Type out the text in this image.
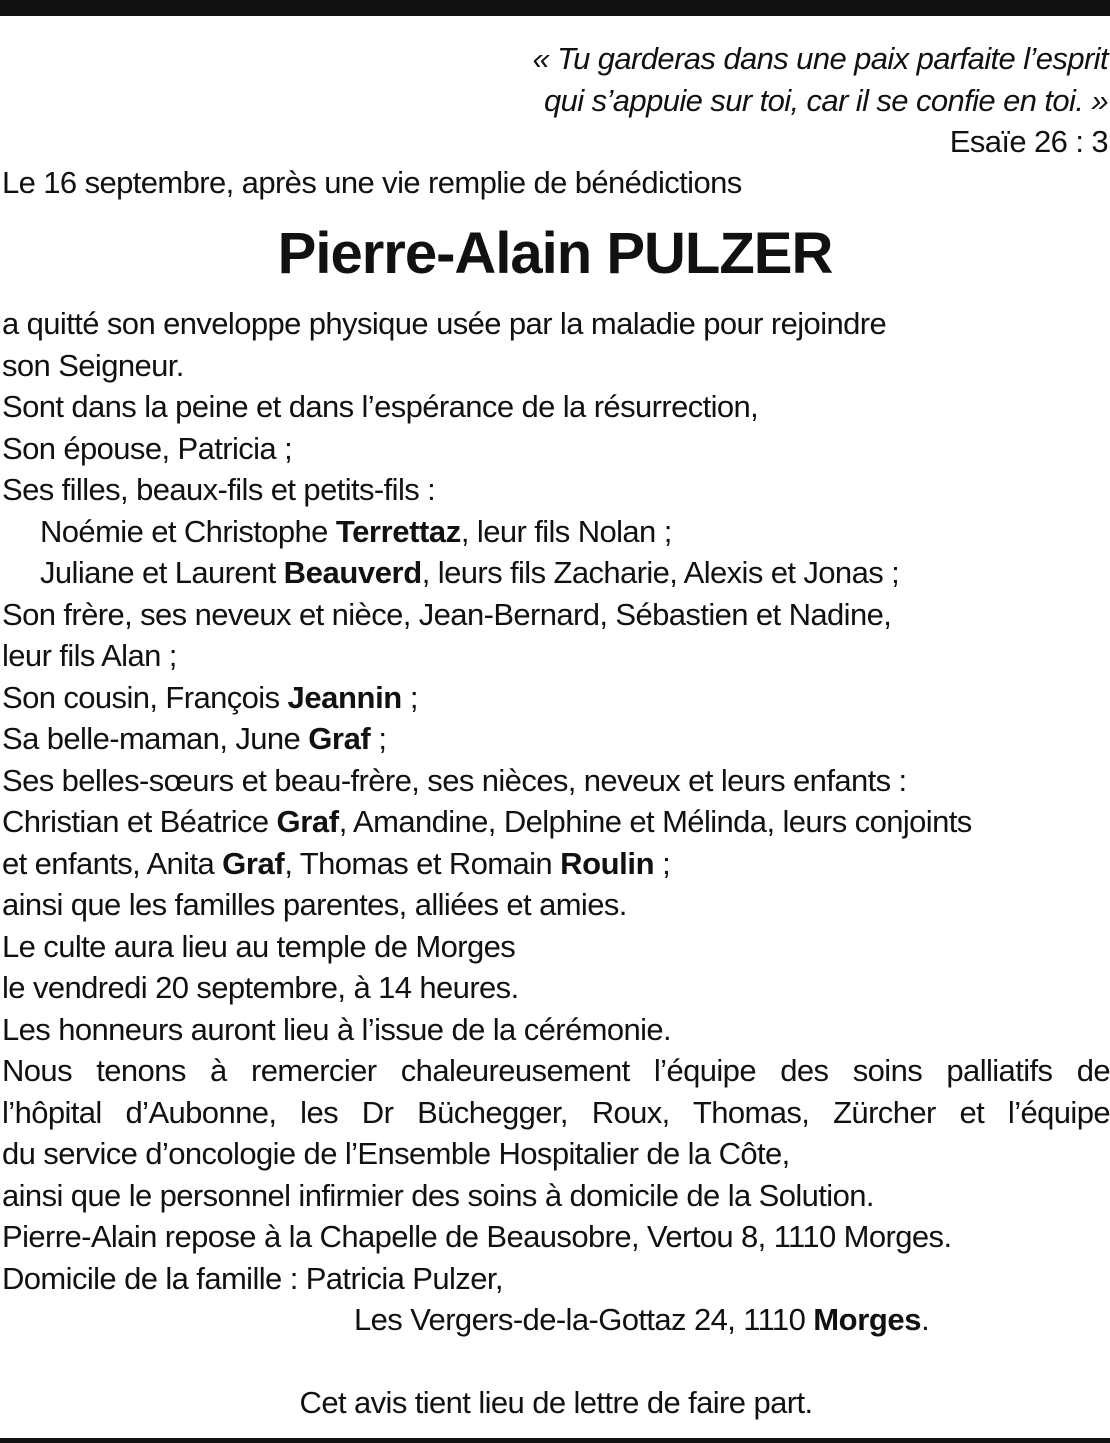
« Tu garderas dans une paix parfaite l’esprit
qui s’appuie sur toi, car il se confie en toi. »
Esaïe 26 : 3
Le 16 septembre, après une vie remplie de bénédictions
Pierre-Alain PULZER
a quitté son enveloppe physique usée par la maladie pour rejoindre
son Seigneur.
Sont dans la peine et dans l’espérance de la résurrection,
Son épouse, Patricia ;
Ses filles, beaux-fils et petits-fils :
Noémie et Christophe Terrettaz, leur fils Nolan ;
Juliane et Laurent Beauverd, leurs fils Zacharie, Alexis et Jonas ;
Son frère, ses neveux et nièce, Jean-Bernard, Sébastien et Nadine,
leur fils Alan ;
Son cousin, François Jeannin ;
Sa belle-maman, June Graf ;
Ses belles-sœurs et beau-frère, ses nièces, neveux et leurs enfants :
Christian et Béatrice Graf, Amandine, Delphine et Mélinda, leurs conjoints
et enfants, Anita Graf, Thomas et Romain Roulin ;
ainsi que les familles parentes, alliées et amies.
Le culte aura lieu au temple de Morges
le vendredi 20 septembre, à 14 heures.
Les honneurs auront lieu à l’issue de la cérémonie.
Nous tenons à remercier chaleureusement l’équipe des soins palliatifs de
l’hôpital d’Aubonne, les Dr Büchegger, Roux, Thomas, Zürcher et l’équipe
du service d’oncologie de l’Ensemble Hospitalier de la Côte,
ainsi que le personnel infirmier des soins à domicile de la Solution.
Pierre-Alain repose à la Chapelle de Beausobre, Vertou 8, 1110 Morges.
Domicile de la famille : Patricia Pulzer,
Les Vergers-de-la-Gottaz 24, 1110 Morges.
Cet avis tient lieu de lettre de faire part.
